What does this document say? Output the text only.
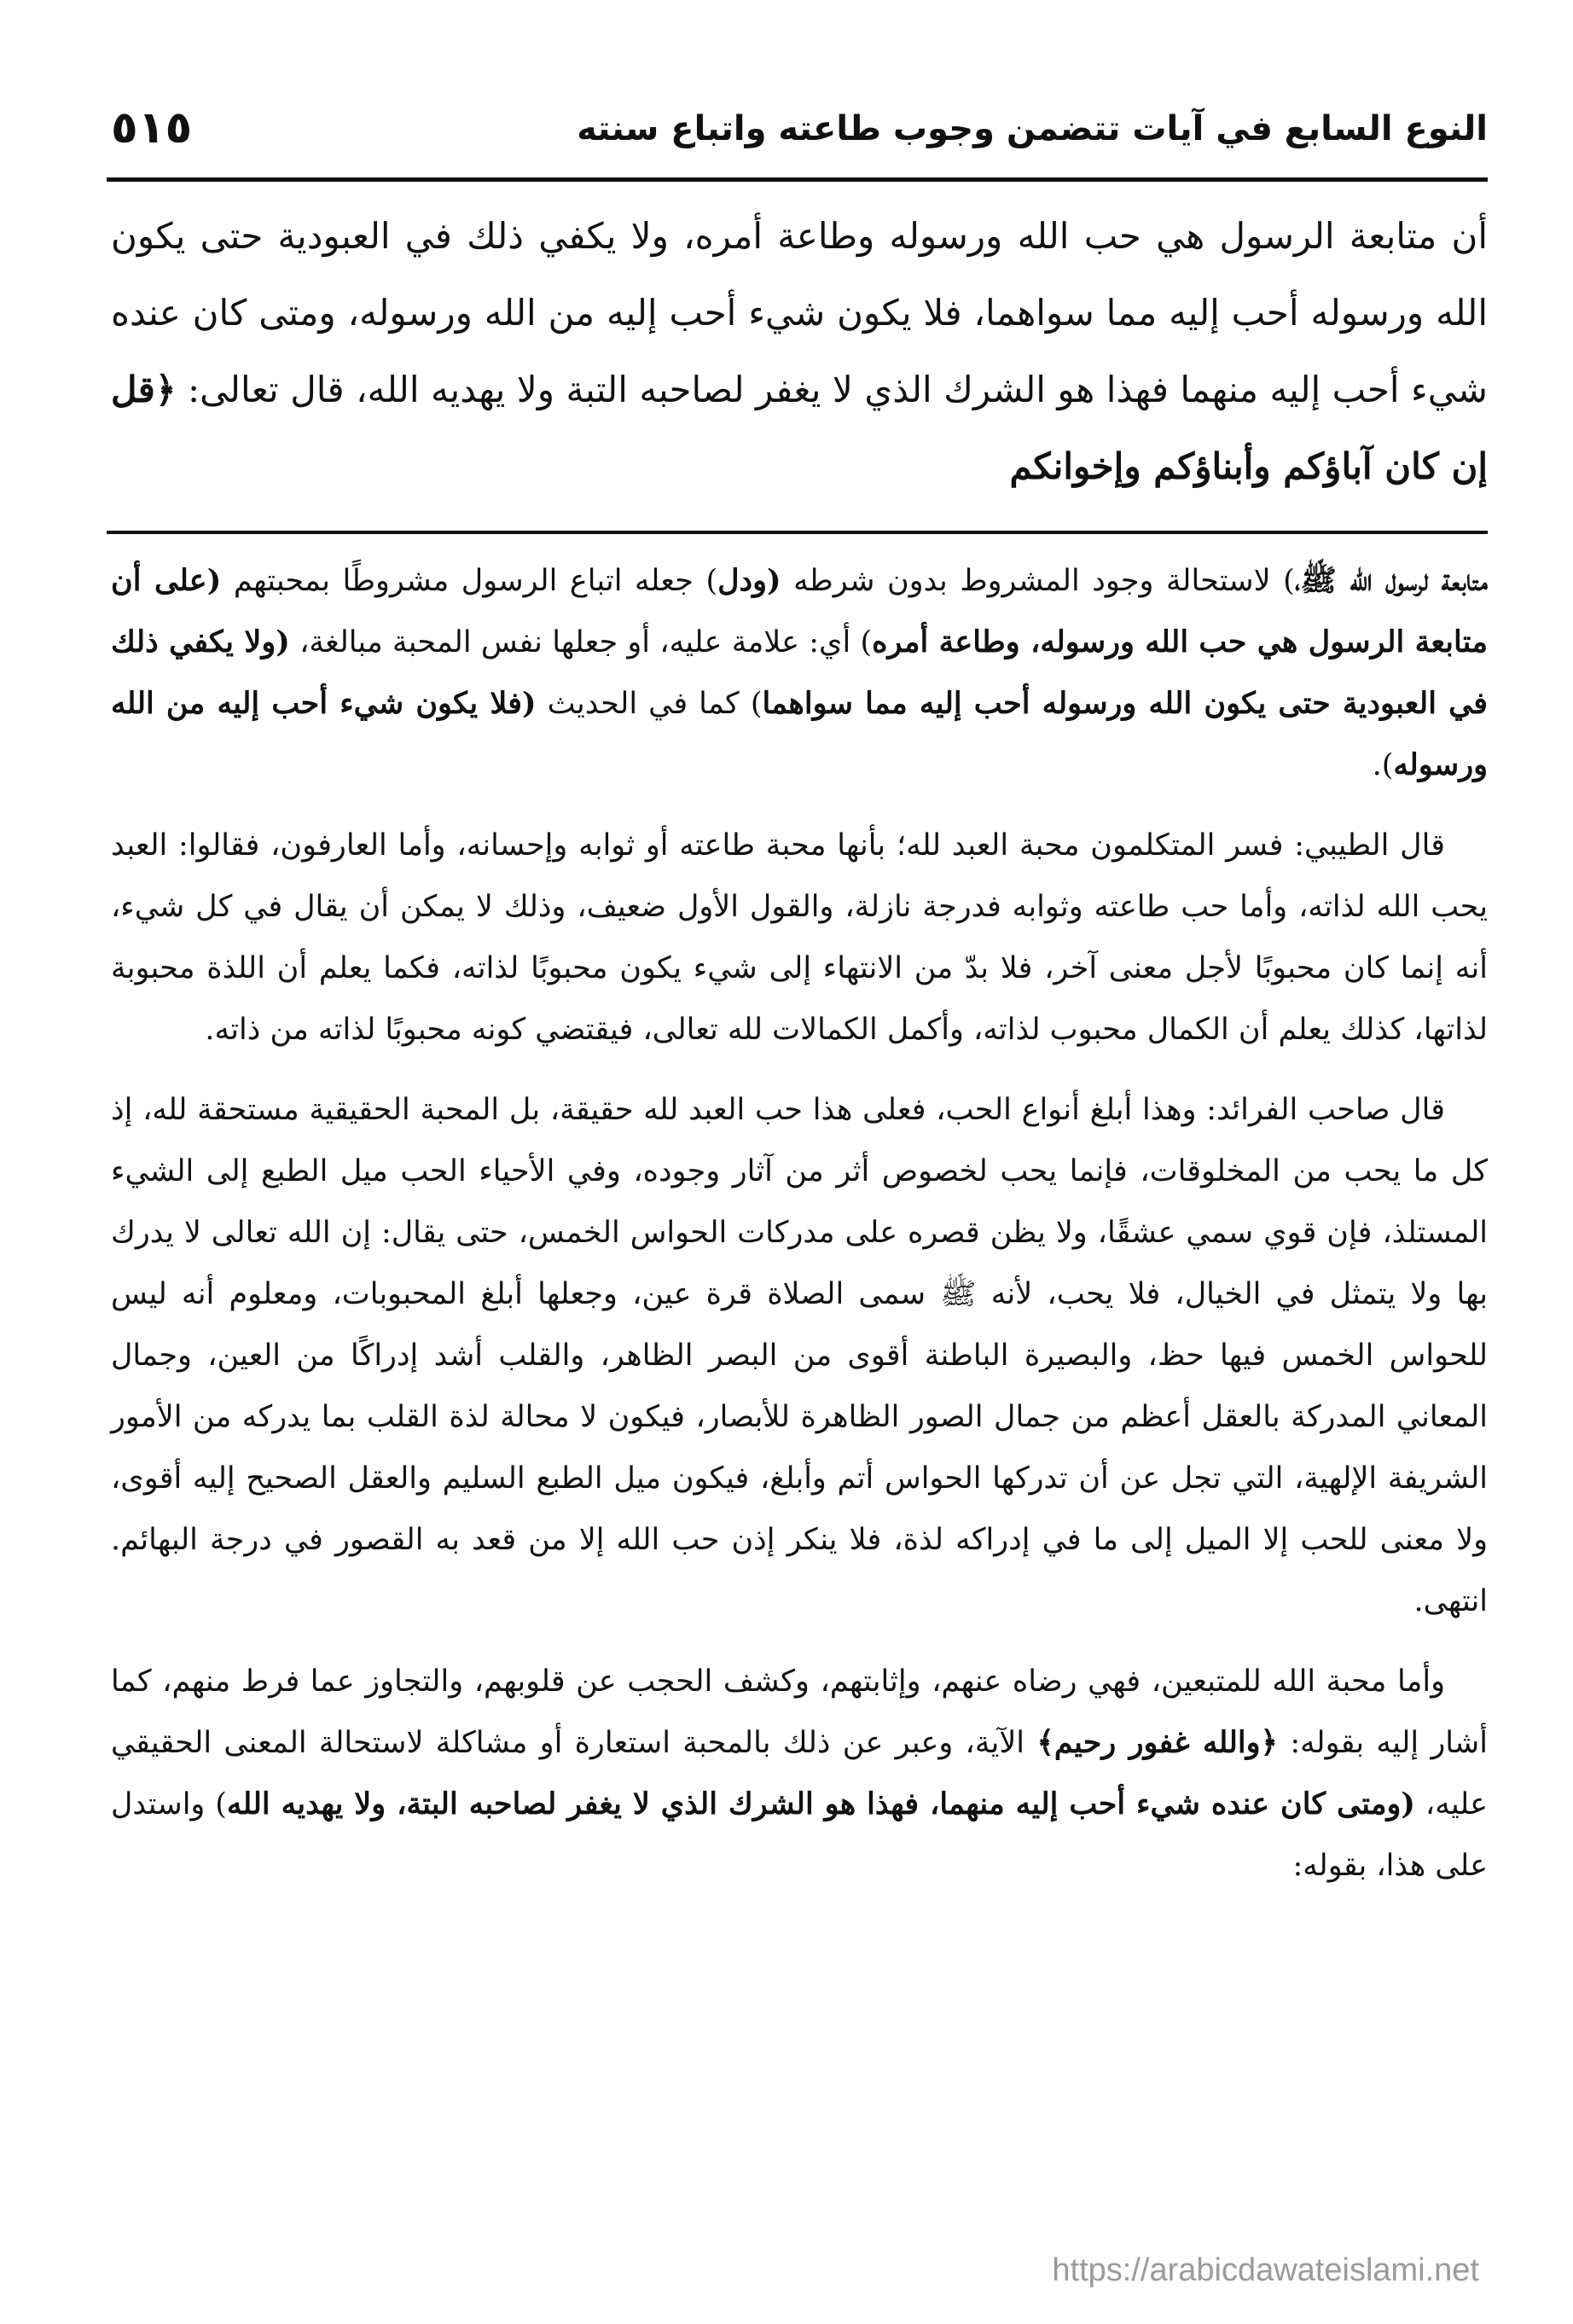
النوع السابع في آيات تتضمن وجوب طاعته واتباع سنته
٥١٥

أن متابعة الرسول هي حب الله ورسوله وطاعة أمره، ولا يكفي ذلك في العبودية حتى يكون الله ورسوله أحب إليه مما سواهما، فلا يكون شيء أحب إليه من الله ورسوله، ومتى كان عنده شيء أحب إليه منهما فهذا هو الشرك الذي لا يغفر لصاحبه التبة ولا يهديه الله، قال تعالى: ﴿قل إن كان آباؤكم وأبناؤكم وإخوانكم

متابعة لرسول الله ﷺ،) لاستحالة وجود المشروط بدون شرطه (ودل) جعله اتباع الرسول مشروطًا بمحبتهم (على أن متابعة الرسول هي حب الله ورسوله، وطاعة أمره) أي: علامة عليه، أو جعلها نفس المحبة مبالغة، (ولا يكفي ذلك في العبودية حتى يكون الله ورسوله أحب إليه مما سواهما) كما في الحديث (فلا يكون شيء أحب إليه من الله ورسوله).

قال الطيبي: فسر المتكلمون محبة العبد لله؛ بأنها محبة طاعته أو ثوابه وإحسانه، وأما العارفون، فقالوا: العبد يحب الله لذاته، وأما حب طاعته وثوابه فدرجة نازلة، والقول الأول ضعيف، وذلك لا يمكن أن يقال في كل شيء، أنه إنما كان محبوبًا لأجل معنى آخر، فلا بدّ من الانتهاء إلى شيء يكون محبوبًا لذاته، فكما يعلم أن اللذة محبوبة لذاتها، كذلك يعلم أن الكمال محبوب لذاته، وأكمل الكمالات لله تعالى، فيقتضي كونه محبوبًا لذاته من ذاته.

قال صاحب الفرائد: وهذا أبلغ أنواع الحب، فعلى هذا حب العبد لله حقيقة، بل المحبة الحقيقية مستحقة لله، إذ كل ما يحب من المخلوقات، فإنما يحب لخصوص أثر من آثار وجوده، وفي الأحياء الحب ميل الطبع إلى الشيء المستلذ، فإن قوي سمي عشقًا، ولا يظن قصره على مدركات الحواس الخمس، حتى يقال: إن الله تعالى لا يدرك بها ولا يتمثل في الخيال، فلا يحب، لأنه ﷺ سمى الصلاة قرة عين، وجعلها أبلغ المحبوبات، ومعلوم أنه ليس للحواس الخمس فيها حظ، والبصيرة الباطنة أقوى من البصر الظاهر، والقلب أشد إدراكًا من العين، وجمال المعاني المدركة بالعقل أعظم من جمال الصور الظاهرة للأبصار، فيكون لا محالة لذة القلب بما يدركه من الأمور الشريفة الإلهية، التي تجل عن أن تدركها الحواس أتم وأبلغ، فيكون ميل الطبع السليم والعقل الصحيح إليه أقوى، ولا معنى للحب إلا الميل إلى ما في إدراكه لذة، فلا ينكر إذن حب الله إلا من قعد به القصور في درجة البهائم. انتهى.

وأما محبة الله للمتبعين، فهي رضاه عنهم، وإثابتهم، وكشف الحجب عن قلوبهم، والتجاوز عما فرط منهم، كما أشار إليه بقوله: ﴿والله غفور رحيم﴾ الآية، وعبر عن ذلك بالمحبة استعارة أو مشاكلة لاستحالة المعنى الحقيقي عليه، (ومتى كان عنده شيء أحب إليه منهما، فهذا هو الشرك الذي لا يغفر لصاحبه البتة، ولا يهديه الله) واستدل على هذا، بقوله:

https://arabicdawateislami.net
